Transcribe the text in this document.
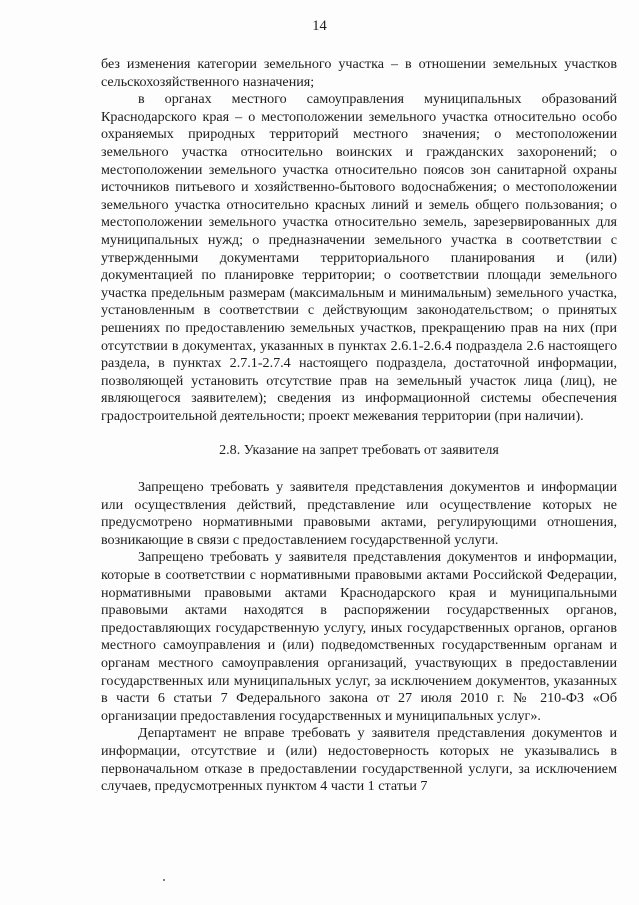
14

без изменения категории земельного участка – в отношении земельных участков сельскохозяйственного назначения;

в органах местного самоуправления муниципальных образований Краснодарского края – о местоположении земельного участка относительно особо охраняемых природных территорий местного значения; о местоположении земельного участка относительно воинских и гражданских захоронений; о местоположении земельного участка относительно поясов зон санитарной охраны источников питьевого и хозяйственно-бытового водоснабжения; о местоположении земельного участка относительно красных линий и земель общего пользования; о местоположении земельного участка относительно земель, зарезервированных для муниципальных нужд; о предназначении земельного участка в соответствии с утвержденными документами территориального планирования и (или) документацией по планировке территории; о соответствии площади земельного участка предельным размерам (максимальным и минимальным) земельного участка, установленным в соответствии с действующим законодательством; о принятых решениях по предоставлению земельных участков, прекращению прав на них (при отсутствии в документах, указанных в пунктах 2.6.1-2.6.4 подраздела 2.6 настоящего раздела, в пунктах 2.7.1-2.7.4 настоящего подраздела, достаточной информации, позволяющей установить отсутствие прав на земельный участок лица (лиц), не являющегося заявителем); сведения из информационной системы обеспечения градостроительной деятельности; проект межевания территории (при наличии).

2.8. Указание на запрет требовать от заявителя

Запрещено требовать у заявителя представления документов и информации или осуществления действий, представление или осуществление которых не предусмотрено нормативными правовыми актами, регулирующими отношения, возникающие в связи с предоставлением государственной услуги.

Запрещено требовать у заявителя представления документов и информации, которые в соответствии с нормативными правовыми актами Российской Федерации, нормативными правовыми актами Краснодарского края и муниципальными правовыми актами находятся в распоряжении государственных органов, предоставляющих государственную услугу, иных государственных органов, органов местного самоуправления и (или) подведомственных государственным органам и органам местного самоуправления организаций, участвующих в предоставлении государственных или муниципальных услуг, за исключением документов, указанных в части 6 статьи 7 Федерального закона от 27 июля 2010 г. № 210-ФЗ «Об организации предоставления государственных и муниципальных услуг».

Департамент не вправе требовать у заявителя представления документов и информации, отсутствие и (или) недостоверность которых не указывались в первоначальном отказе в предоставлении государственной услуги, за исключением случаев, предусмотренных пунктом 4 части 1 статьи 7
